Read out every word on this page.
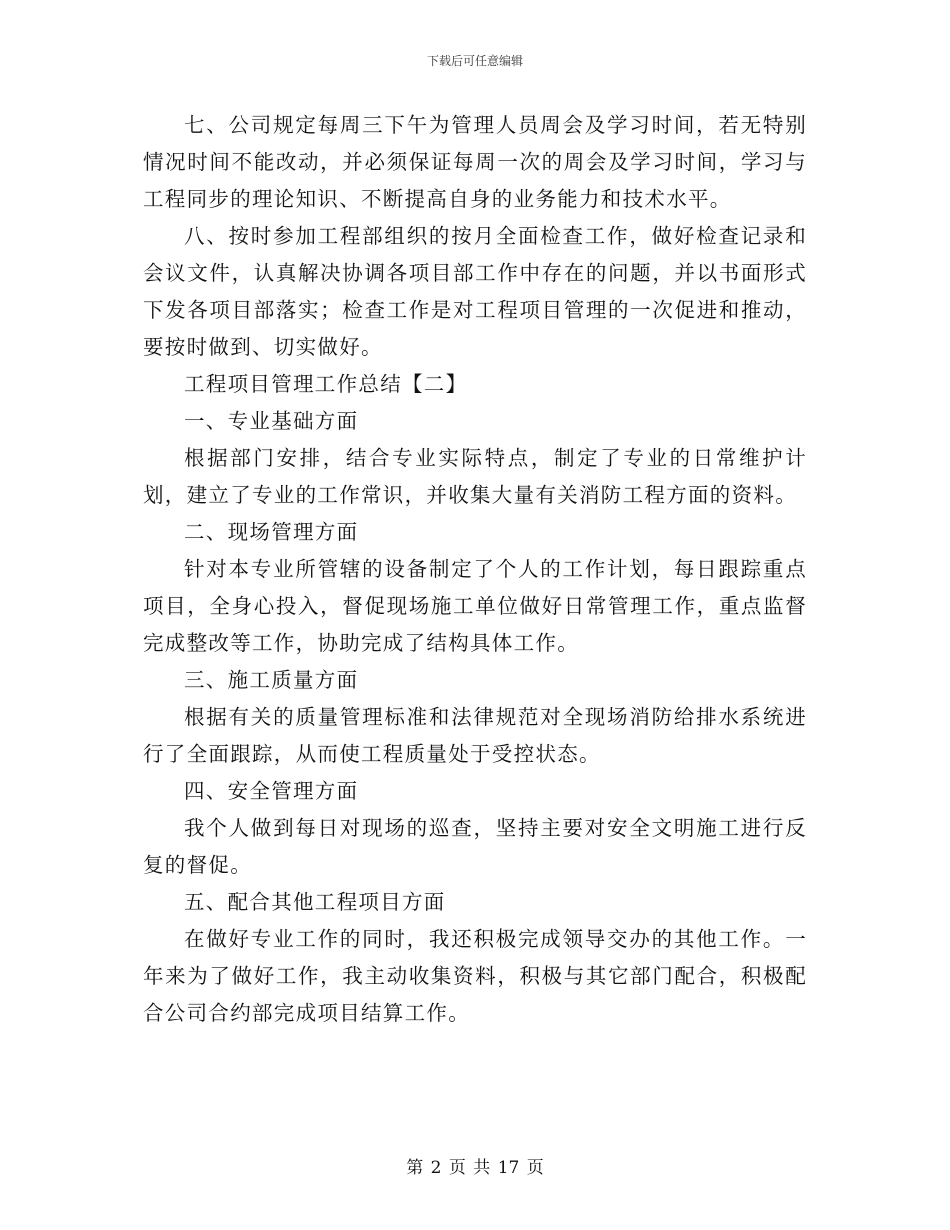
下载后可任意编辑

七、公司规定每周三下午为管理人员周会及学习时间，若无特别情况时间不能改动，并必须保证每周一次的周会及学习时间，学习与工程同步的理论知识、不断提高自身的业务能力和技术水平。

八、按时参加工程部组织的按月全面检查工作，做好检查记录和会议文件，认真解决协调各项目部工作中存在的问题，并以书面形式下发各项目部落实；检查工作是对工程项目管理的一次促进和推动，要按时做到、切实做好。

工程项目管理工作总结【二】

一、专业基础方面

根据部门安排，结合专业实际特点，制定了专业的日常维护计划，建立了专业的工作常识，并收集大量有关消防工程方面的资料。

二、现场管理方面

针对本专业所管辖的设备制定了个人的工作计划，每日跟踪重点项目，全身心投入，督促现场施工单位做好日常管理工作，重点监督完成整改等工作，协助完成了结构具体工作。

三、施工质量方面

根据有关的质量管理标准和法律规范对全现场消防给排水系统进行了全面跟踪，从而使工程质量处于受控状态。

四、安全管理方面

我个人做到每日对现场的巡查，坚持主要对安全文明施工进行反复的督促。

五、配合其他工程项目方面

在做好专业工作的同时，我还积极完成领导交办的其他工作。一年来为了做好工作，我主动收集资料，积极与其它部门配合，积极配合公司合约部完成项目结算工作。

第 2 页 共 17 页
